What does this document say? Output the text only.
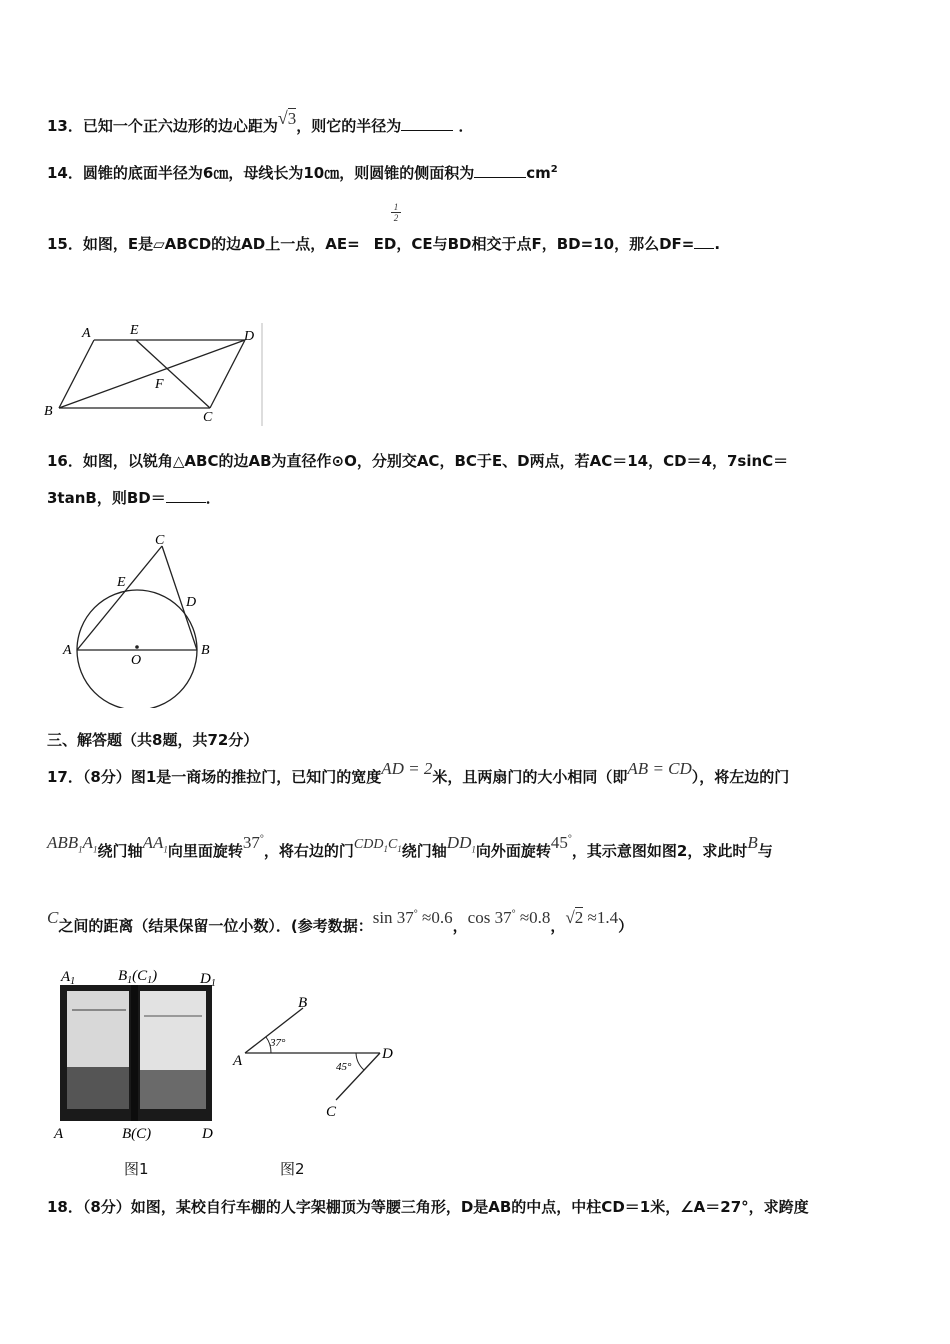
13．已知一个正六边形的边心距为√3，则它的半径为	．
14．圆锥的底面半径为6㎝，母线长为10㎝，则圆锥的侧面积为	$cm^2$
1
2
15．如图，E是▱ABCD的边AD上一点，AE= ED，CE与BD相交于点F，BD=10，那么DF= .
A	E	D
F
B	C
16．如图，以锐角△ABC的边AB为直径作⊙O，分别交AC，BC于E、D两点，若AC＝14，CD＝4，7sinC＝
3tanB，则BD＝	．
C
E
D
A
O
B
三、解答题（共8题，共72分）
17．（8分）图1是一商场的推拉门，已知门的宽度AD = 2米，且两扇门的大小相同（即AB = CD），将左边的门
$ABB_1A_1$绕门轴$AA_1$向里面旋转37°，将右边的门$CDD_1C_1$绕门轴$DD_1$向外面旋转45°，其示意图如图2，求此时B与
C之间的距离（结果保留一位小数）．(参考数据：sin 37° ≈0.6，cos 37° ≈0.8，√2 ≈1.4）
$A_1$	$B_1(C_1)$	$D_1$
A	B(C)	D
图1
B
A	D
C
37°
45°
图2
18．（8分）如图，某校自行车棚的人字架棚顶为等腰三角形，D是AB的中点，中柱CD＝1米，∠A＝27°，求跨度
